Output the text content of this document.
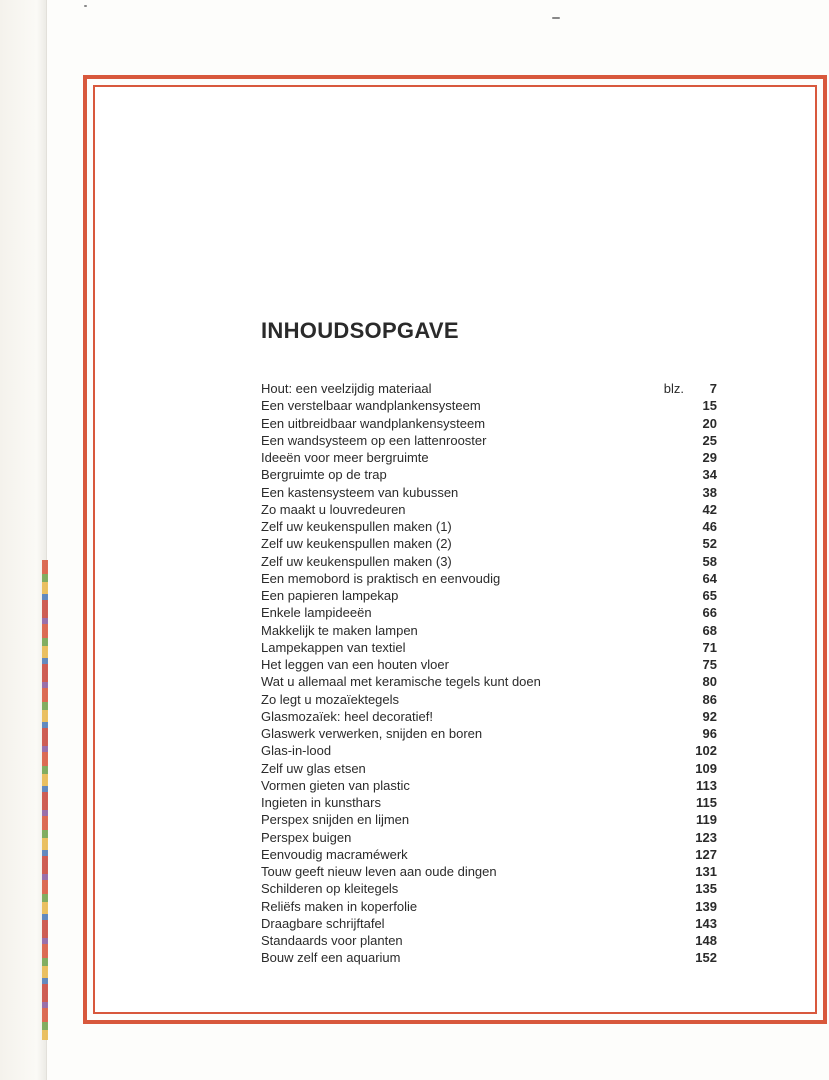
INHOUDSOPGAVE
Hout: een veelzijdig materiaal	blz. 7
Een verstelbaar wandplankensysteem	15
Een uitbreidbaar wandplankensysteem	20
Een wandsysteem op een lattenrooster	25
Ideeën voor meer bergruimte	29
Bergruimte op de trap	34
Een kastensysteem van kubussen	38
Zo maakt u louvredeuren	42
Zelf uw keukenspullen maken (1)	46
Zelf uw keukenspullen maken (2)	52
Zelf uw keukenspullen maken (3)	58
Een memobord is praktisch en eenvoudig	64
Een papieren lampekap	65
Enkele lampideeën	66
Makkelijk te maken lampen	68
Lampekappen van textiel	71
Het leggen van een houten vloer	75
Wat u allemaal met keramische tegels kunt doen	80
Zo legt u mozaïektegels	86
Glasmozaïek: heel decoratief!	92
Glaswerk verwerken, snijden en boren	96
Glas-in-lood	102
Zelf uw glas etsen	109
Vormen gieten van plastic	113
Ingieten in kunsthars	115
Perspex snijden en lijmen	119
Perspex buigen	123
Eenvoudig macraméwerk	127
Touw geeft nieuw leven aan oude dingen	131
Schilderen op kleitegels	135
Reliëfs maken in koperfolie	139
Draagbare schrijftafel	143
Standaards voor planten	148
Bouw zelf een aquarium	152
